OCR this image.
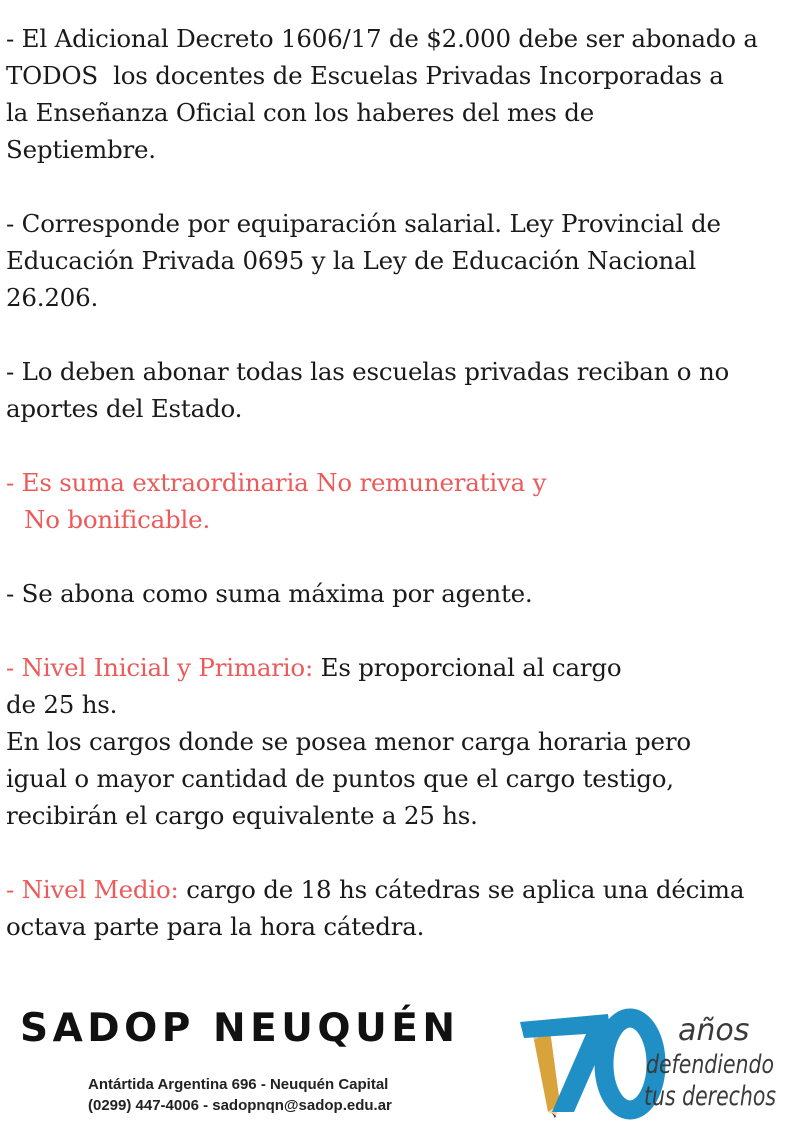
- El Adicional Decreto 1606/17 de $2.000 debe ser abonado a
TODOS  los docentes de Escuelas Privadas Incorporadas a
la Enseñanza Oficial con los haberes del mes de
Septiembre.
- Corresponde por equiparación salarial. Ley Provincial de
Educación Privada 0695 y la Ley de Educación Nacional
26.206.
- Lo deben abonar todas las escuelas privadas reciban o no
aportes del Estado.
- Es suma extraordinaria No remunerativa y
No bonificable.
- Se abona como suma máxima por agente.
- Nivel Inicial y Primario: Es proporcional al cargo
de 25 hs.
En los cargos donde se posea menor carga horaria pero
igual o mayor cantidad de puntos que el cargo testigo,
recibirán el cargo equivalente a 25 hs.
- Nivel Medio: cargo de 18 hs cátedras se aplica una décima
octava parte para la hora cátedra.
SADOP NEUQUÉN
Antártida Argentina 696 - Neuquén Capital
(0299) 447-4006 - sadopnqn@sadop.edu.ar
años
defendiendo
tus derechos
